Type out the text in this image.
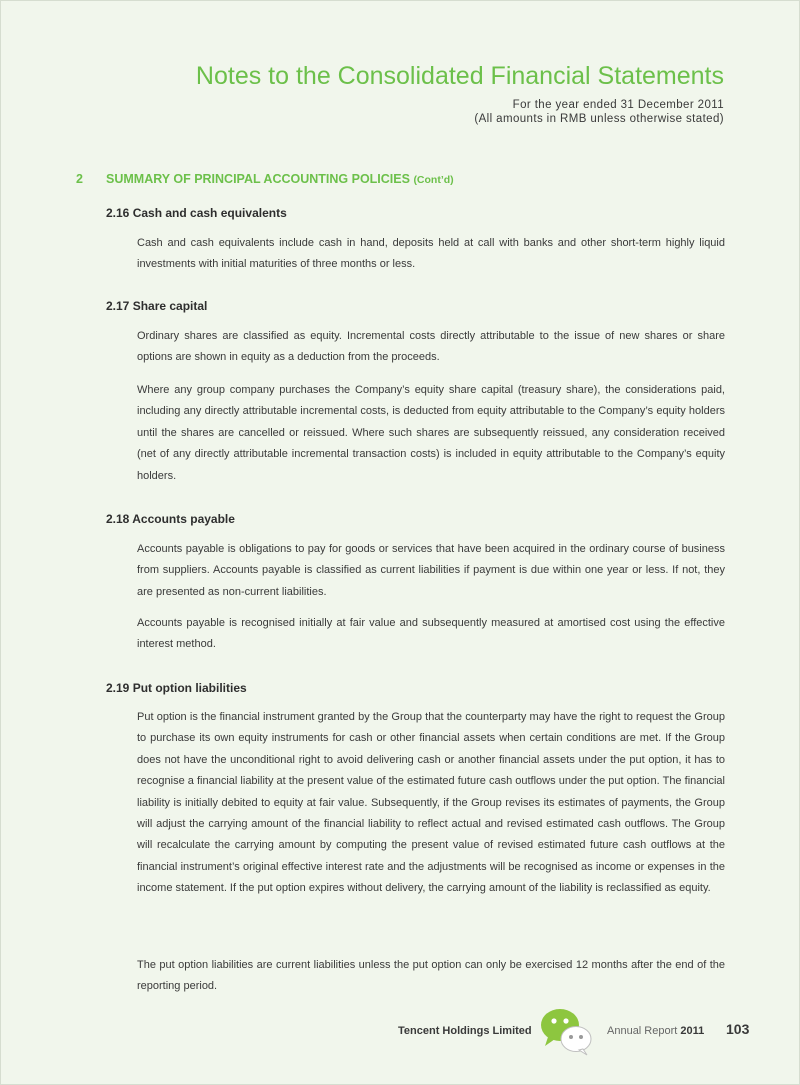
Notes to the Consolidated Financial Statements
For the year ended 31 December 2011
(All amounts in RMB unless otherwise stated)
2 SUMMARY OF PRINCIPAL ACCOUNTING POLICIES (Cont’d)
2.16 Cash and cash equivalents
Cash and cash equivalents include cash in hand, deposits held at call with banks and other short-term highly liquid investments with initial maturities of three months or less.
2.17 Share capital
Ordinary shares are classified as equity. Incremental costs directly attributable to the issue of new shares or share options are shown in equity as a deduction from the proceeds.
Where any group company purchases the Company’s equity share capital (treasury share), the considerations paid, including any directly attributable incremental costs, is deducted from equity attributable to the Company’s equity holders until the shares are cancelled or reissued. Where such shares are subsequently reissued, any consideration received (net of any directly attributable incremental transaction costs) is included in equity attributable to the Company’s equity holders.
2.18 Accounts payable
Accounts payable is obligations to pay for goods or services that have been acquired in the ordinary course of business from suppliers. Accounts payable is classified as current liabilities if payment is due within one year or less. If not, they are presented as non-current liabilities.
Accounts payable is recognised initially at fair value and subsequently measured at amortised cost using the effective interest method.
2.19 Put option liabilities
Put option is the financial instrument granted by the Group that the counterparty may have the right to request the Group to purchase its own equity instruments for cash or other financial assets when certain conditions are met. If the Group does not have the unconditional right to avoid delivering cash or another financial assets under the put option, it has to recognise a financial liability at the present value of the estimated future cash outflows under the put option. The financial liability is initially debited to equity at fair value. Subsequently, if the Group revises its estimates of payments, the Group will adjust the carrying amount of the financial liability to reflect actual and revised estimated cash outflows. The Group will recalculate the carrying amount by computing the present value of revised estimated future cash outflows at the financial instrument’s original effective interest rate and the adjustments will be recognised as income or expenses in the income statement. If the put option expires without delivery, the carrying amount of the liability is reclassified as equity.
The put option liabilities are current liabilities unless the put option can only be exercised 12 months after the end of the reporting period.
Tencent Holdings Limited	Annual Report 2011 103
